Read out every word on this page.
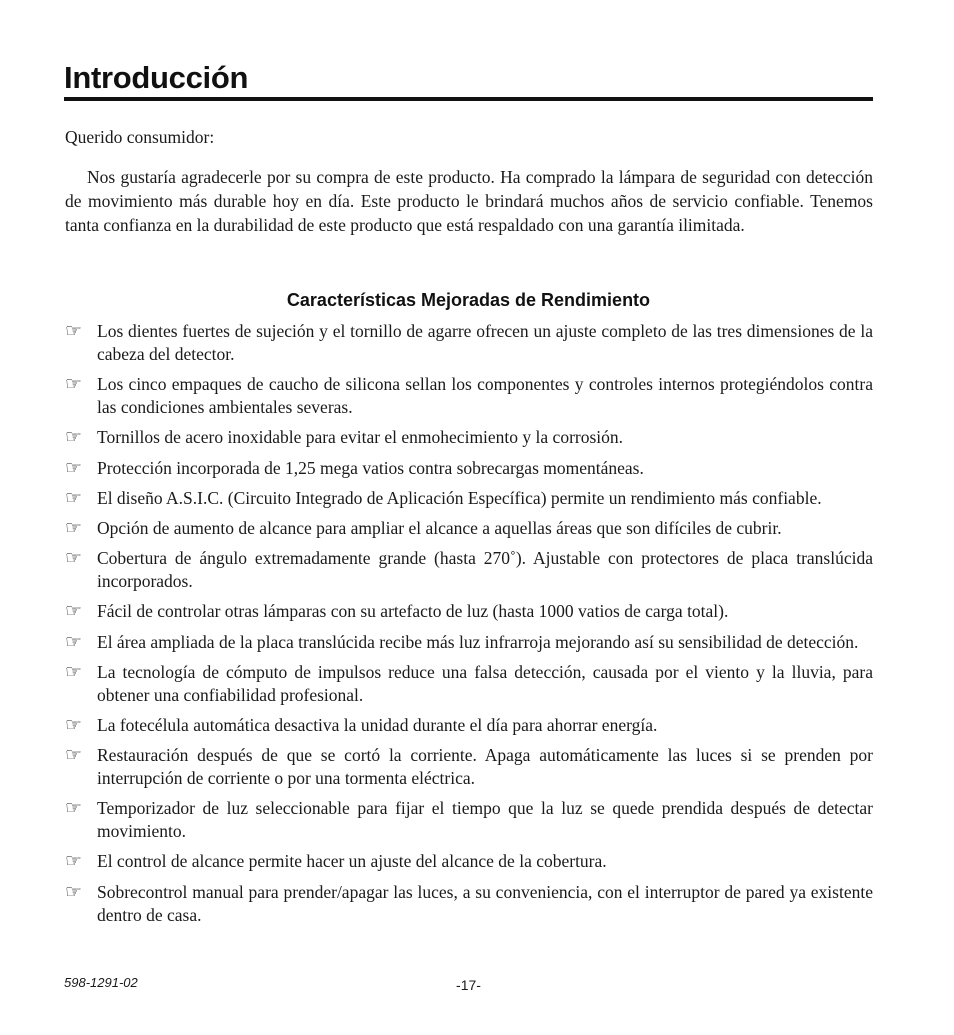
Introducción

Querido consumidor:

Nos gustaría agradecerle por su compra de este producto. Ha comprado la lámpara de seguridad con detección de movimiento más durable hoy en día. Este producto le brindará muchos años de servicio confiable. Tenemos tanta confianza en la durabilidad de este producto que está respaldado con una garantía ilimitada.

Características Mejoradas de Rendimiento
☞ Los dientes fuertes de sujeción y el tornillo de agarre ofrecen un ajuste completo de las tres dimensiones de la cabeza del detector.
☞ Los cinco empaques de caucho de silicona sellan los componentes y controles internos protegiéndolos contra las condiciones ambientales severas.
☞ Tornillos de acero inoxidable para evitar el enmohecimiento y la corrosión.
☞ Protección incorporada de 1,25 mega vatios contra sobrecargas momentáneas.
☞ El diseño A.S.I.C. (Circuito Integrado de Aplicación Específica) permite un rendimiento más confiable.
☞ Opción de aumento de alcance para ampliar el alcance a aquellas áreas que son difíciles de cubrir.
☞ Cobertura de ángulo extremadamente grande (hasta 270˚). Ajustable con protectores de placa translúcida incorporados.
☞ Fácil de controlar otras lámparas con su artefacto de luz (hasta 1000 vatios de carga total).
☞ El área ampliada de la placa translúcida recibe más luz infrarroja mejorando así su sensibilidad de detección.
☞ La tecnología de cómputo de impulsos reduce una falsa detección, causada por el viento y la lluvia, para obtener una confiabilidad profesional.
☞ La fotecélula automática desactiva la unidad durante el día para ahorrar energía.
☞ Restauración después de que se cortó la corriente. Apaga automáticamente las luces si se prenden por interrupción de corriente o por una tormenta eléctrica.
☞ Temporizador de luz seleccionable para fijar el tiempo que la luz se quede prendida después de detectar movimiento.
☞ El control de alcance permite hacer un ajuste del alcance de la cobertura.
☞ Sobrecontrol manual para prender/apagar las luces, a su conveniencia, con el interruptor de pared ya existente dentro de casa.
598-1291-02	-17-
